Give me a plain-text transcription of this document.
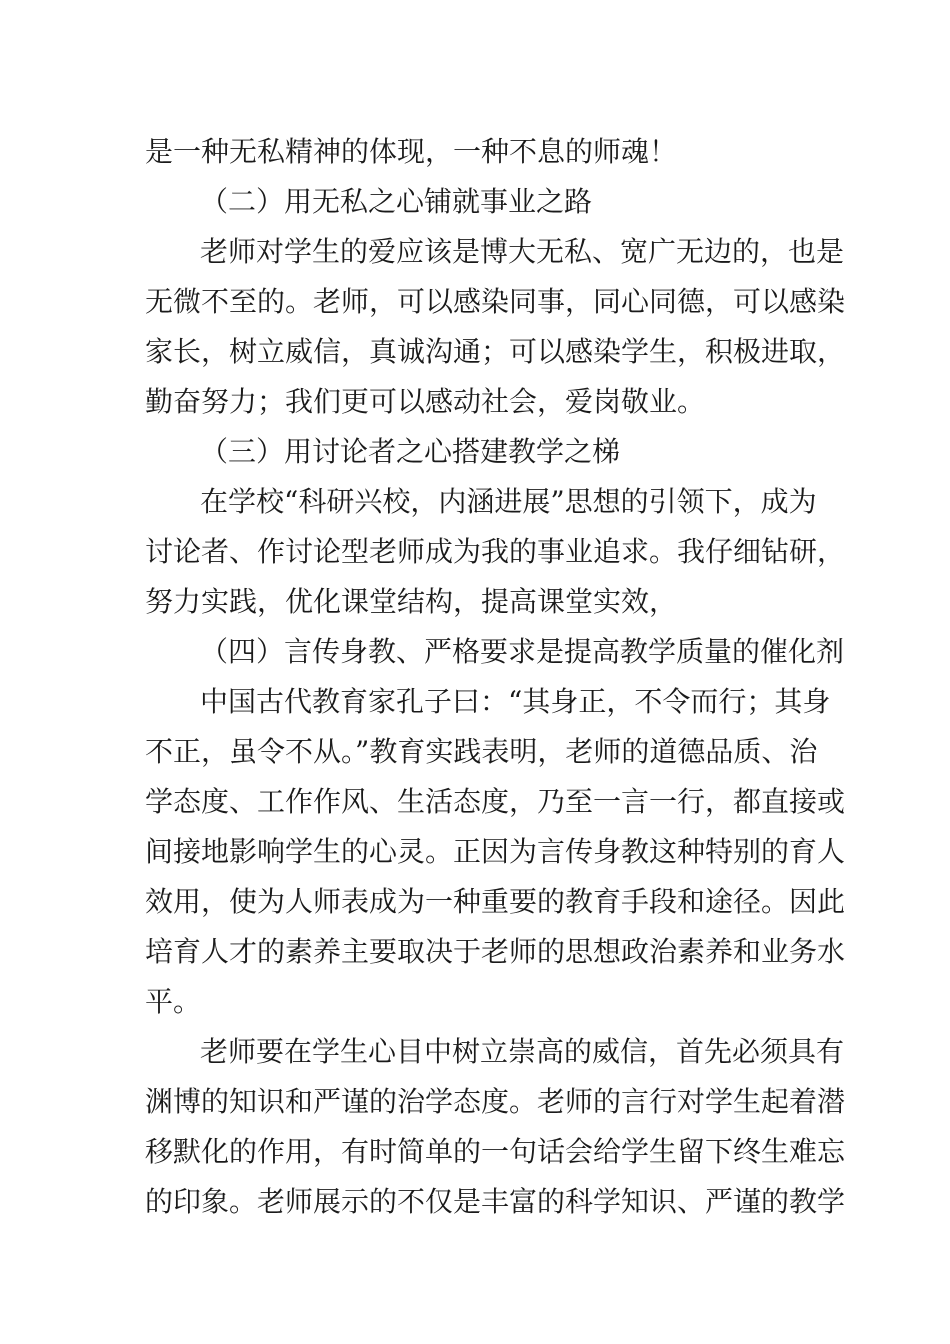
是一种无私精神的体现，一种不息的师魂！
（二）用无私之心铺就事业之路
老师对学生的爱应该是博大无私、宽广无边的，也是
无微不至的。老师，可以感染同事，同心同德，可以感染
家长，树立威信，真诚沟通；可以感染学生，积极进取，
勤奋努力；我们更可以感动社会，爱岗敬业。
（三）用讨论者之心搭建教学之梯
在学校“科研兴校，内涵进展”思想的引领下，成为
讨论者、作讨论型老师成为我的事业追求。我仔细钻研，
努力实践，优化课堂结构，提高课堂实效，
（四）言传身教、严格要求是提高教学质量的催化剂
中国古代教育家孔子曰：“其身正，不令而行；其身
不正，虽令不从。”教育实践表明，老师的道德品质、治
学态度、工作作风、生活态度，乃至一言一行，都直接或
间接地影响学生的心灵。正因为言传身教这种特别的育人
效用，使为人师表成为一种重要的教育手段和途径。因此
培育人才的素养主要取决于老师的思想政治素养和业务水
平。
老师要在学生心目中树立崇高的威信，首先必须具有
渊博的知识和严谨的治学态度。老师的言行对学生起着潜
移默化的作用，有时简单的一句话会给学生留下终生难忘
的印象。老师展示的不仅是丰富的科学知识、严谨的教学
